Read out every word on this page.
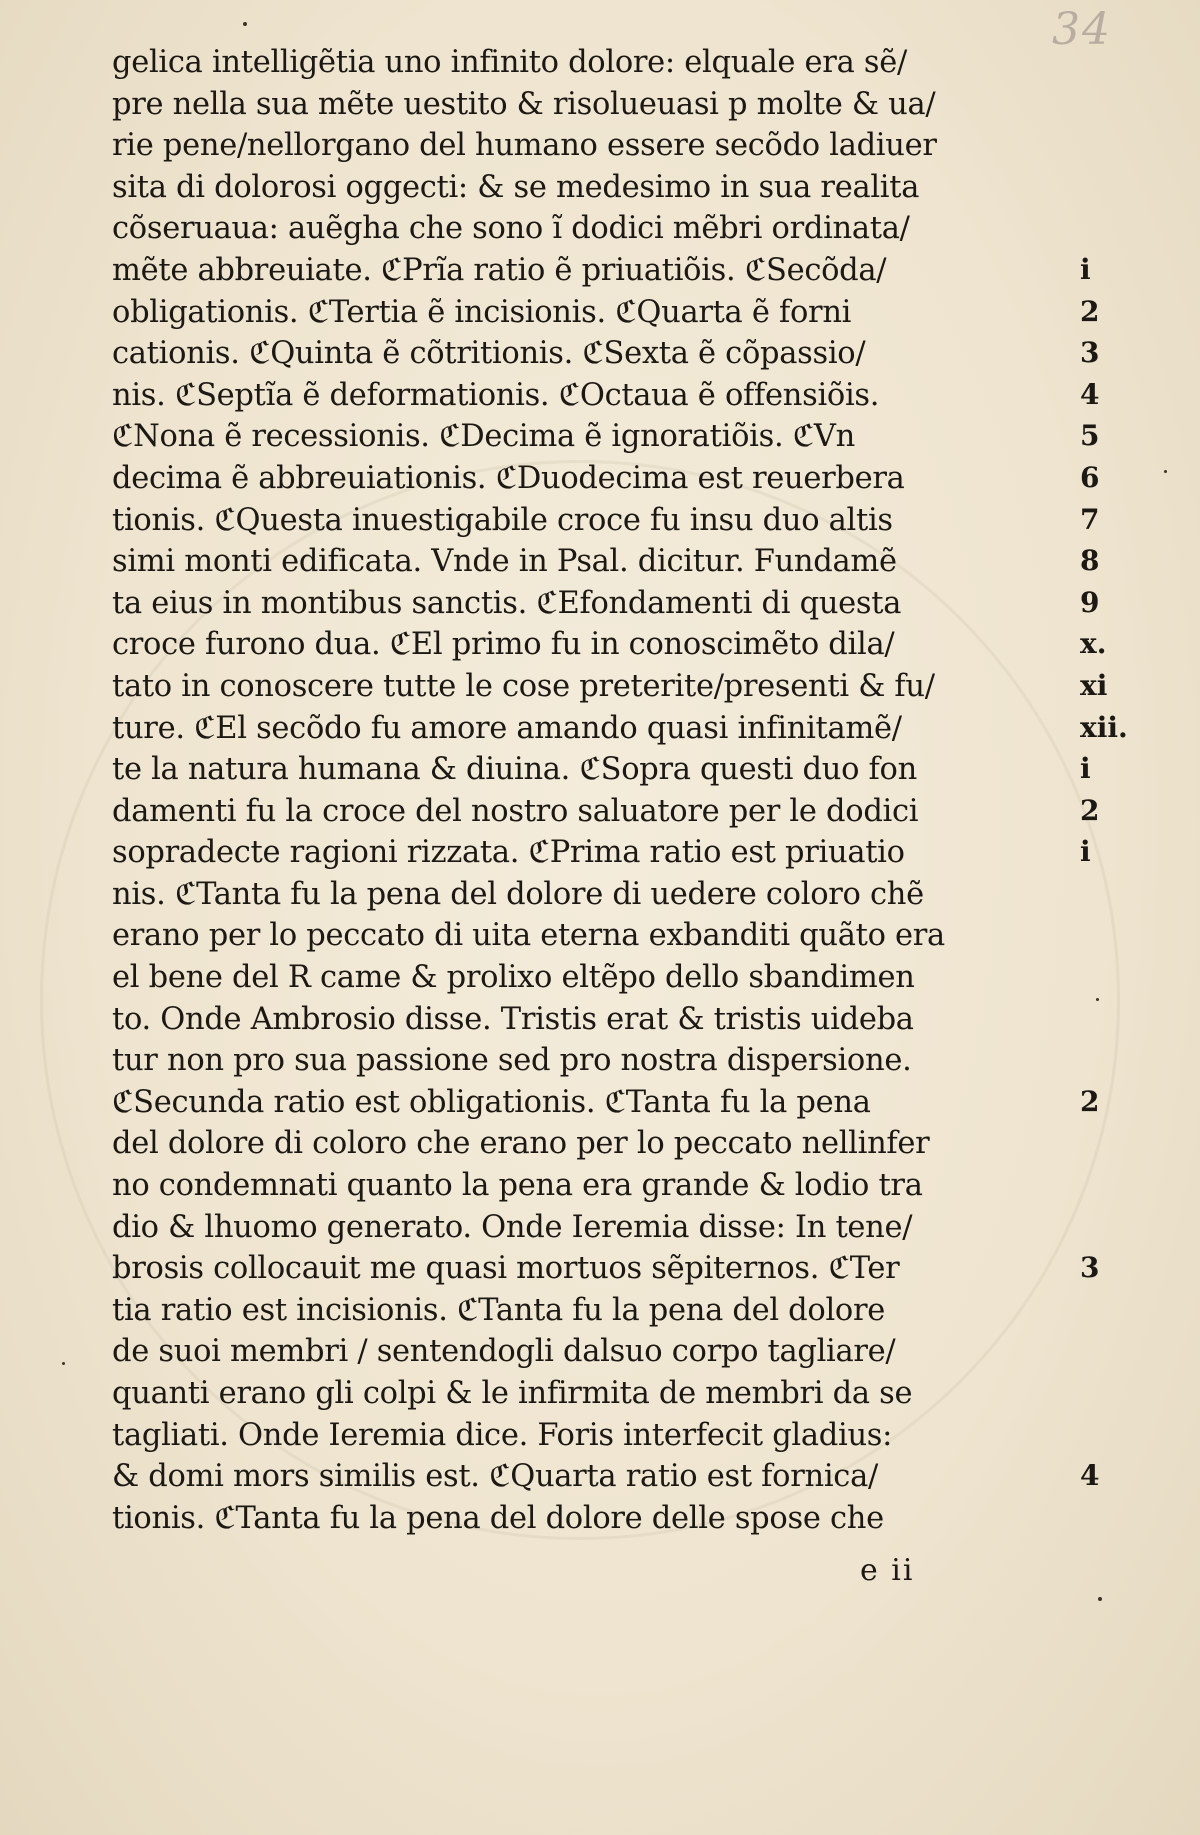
34
gelica intelligẽtia uno infinito dolore: elquale era sẽ/
pre nella sua mẽte uestito & risolueuasi p molte & ua/
rie pene/nellorgano del humano essere secõdo ladiuer
sita di dolorosi oggecti: & se medesimo in sua realita
cõseruaua: auẽgha che sono ĩ dodici mẽbri ordinata/
mẽte abbreuiate. ℭPrĩa ratio ẽ priuatiõis. ℭSecõda/
obligationis. ℭTertia ẽ incisionis. ℭQuarta ẽ forni
cationis. ℭQuinta ẽ cõtritionis. ℭSexta ẽ cõpassio/
nis. ℭSeptĩa ẽ deformationis. ℭOctaua ẽ offensiõis.
ℭNona ẽ recessionis. ℭDecima ẽ ignoratiõis. ℭVn
decima ẽ abbreuiationis. ℭDuodecima est reuerbera
tionis. ℭQuesta inuestigabile croce fu insu duo altis
simi monti edificata. Vnde in Psal. dicitur. Fundamẽ
ta eius in montibus sanctis. ℭEfondamenti di questa
croce furono dua. ℭEl primo fu in conoscimẽto dila/
tato in conoscere tutte le cose preterite/presenti & fu/
ture. ℭEl secõdo fu amore amando quasi infinitamẽ/
te la natura humana & diuina. ℭSopra questi duo fon
damenti fu la croce del nostro saluatore per le dodici
sopradecte ragioni rizzata. ℭPrima ratio est priuatio
nis. ℭTanta fu la pena del dolore di uedere coloro chẽ
erano per lo peccato di uita eterna exbanditi quãto era
el bene del R came & prolixo eltẽpo dello sbandimen
to. Onde Ambrosio disse. Tristis erat & tristis uideba
tur non pro sua passione sed pro nostra dispersione.
ℭSecunda ratio est obligationis. ℭTanta fu la pena
del dolore di coloro che erano per lo peccato nellinfer
no condemnati quanto la pena era grande & lodio tra
dio & lhuomo generato. Onde Ieremia disse: In tene/
brosis collocauit me quasi mortuos sẽpiternos. ℭTer
tia ratio est incisionis. ℭTanta fu la pena del dolore
de suoi membri / sentendogli dalsuo corpo tagliare/
quanti erano gli colpi & le infirmita de membri da se
tagliati. Onde Ieremia dice. Foris interfecit gladius:
& domi mors similis est. ℭQuarta ratio est fornica/
tionis. ℭTanta fu la pena del dolore delle spose che
i
2
3
4
5
6
7
8
9
x.
xi
xii.
i
2
i
2
3
4
e ii
